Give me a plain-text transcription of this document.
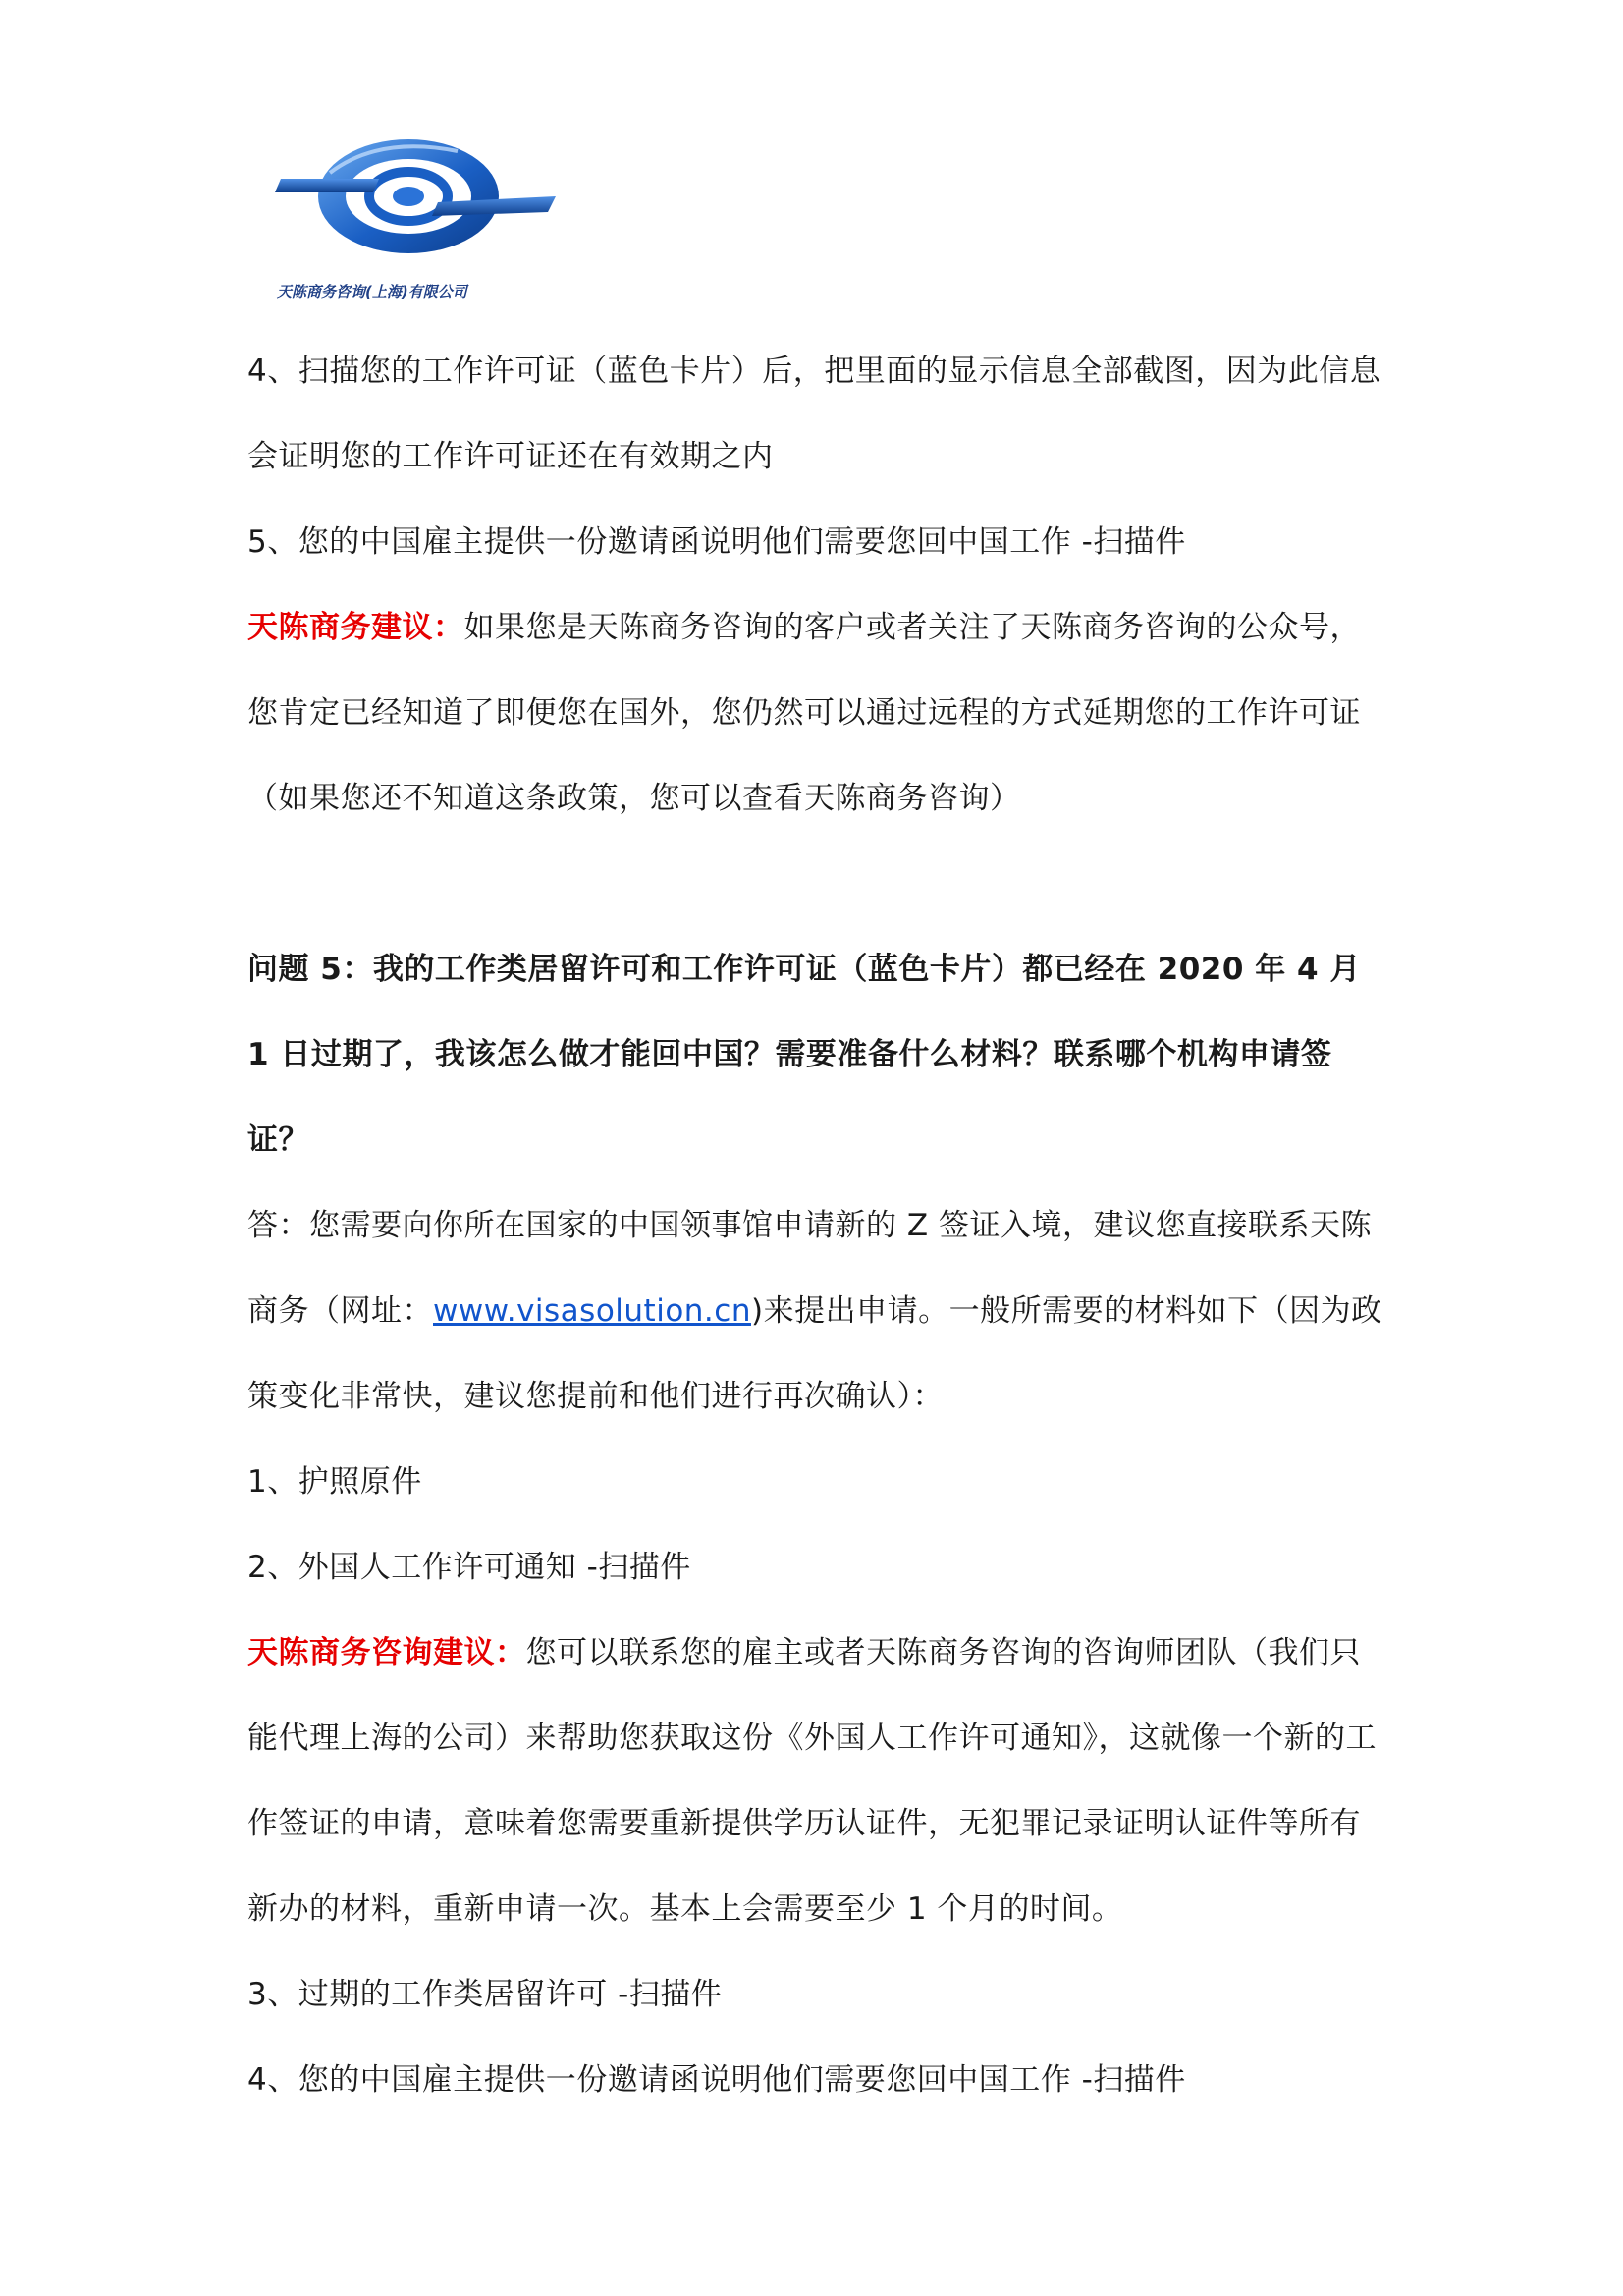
天陈商务咨询(上海)有限公司

4、扫描您的工作许可证（蓝色卡片）后，把里面的显示信息全部截图，因为此信息会证明您的工作许可证还在有效期之内

5、您的中国雇主提供一份邀请函说明他们需要您回中国工作 -扫描件

天陈商务建议：如果您是天陈商务咨询的客户或者关注了天陈商务咨询的公众号，您肯定已经知道了即便您在国外，您仍然可以通过远程的方式延期您的工作许可证（如果您还不知道这条政策，您可以查看天陈商务咨询）

问题 5：我的工作类居留许可和工作许可证（蓝色卡片）都已经在 2020 年 4 月 1 日过期了，我该怎么做才能回中国？需要准备什么材料？联系哪个机构申请签证？

答：您需要向你所在国家的中国领事馆申请新的 Z 签证入境，建议您直接联系天陈商务（网址：www.visasolution.cn)来提出申请。一般所需要的材料如下（因为政策变化非常快，建议您提前和他们进行再次确认）：

1、护照原件

2、外国人工作许可通知 -扫描件

天陈商务咨询建议：您可以联系您的雇主或者天陈商务咨询的咨询师团队（我们只能代理上海的公司）来帮助您获取这份《外国人工作许可通知》，这就像一个新的工作签证的申请，意味着您需要重新提供学历认证件，无犯罪记录证明认证件等所有新办的材料，重新申请一次。基本上会需要至少 1 个月的时间。

3、过期的工作类居留许可 -扫描件

4、您的中国雇主提供一份邀请函说明他们需要您回中国工作 -扫描件
